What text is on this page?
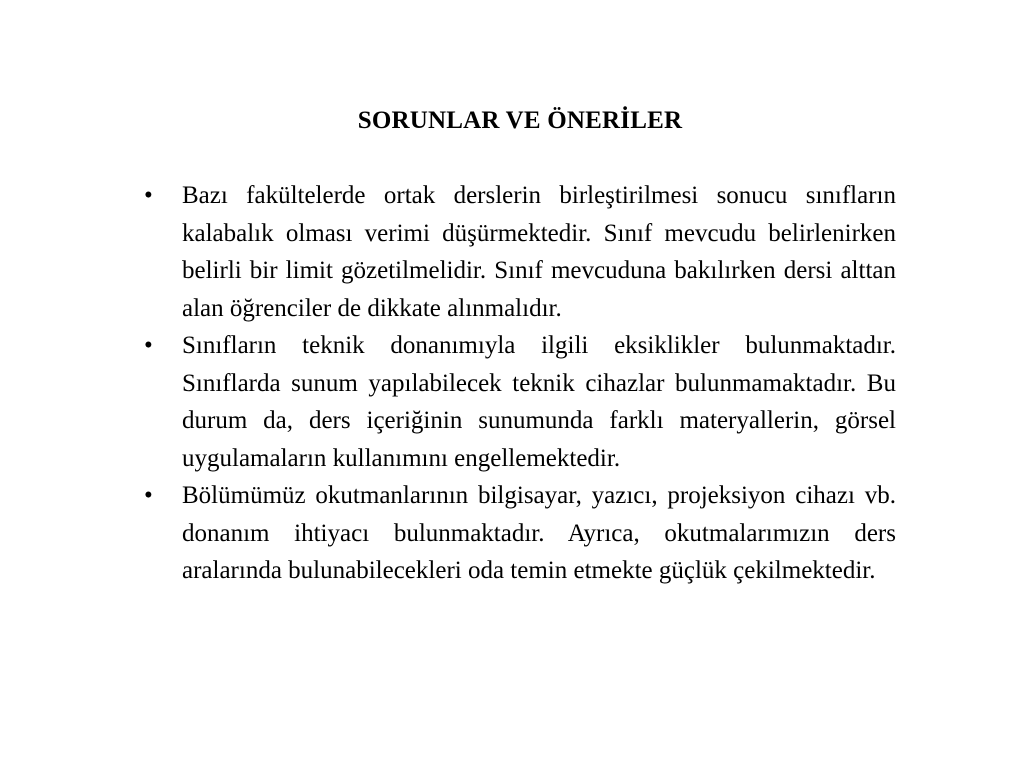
SORUNLAR VE ÖNERİLER
• Bazı fakültelerde ortak derslerin birleştirilmesi sonucu sınıfların kalabalık olması verimi düşürmektedir. Sınıf mevcudu belirlenirken belirli bir limit gözetilmelidir. Sınıf mevcuduna bakılırken dersi alttan alan öğrenciler de dikkate alınmalıdır.
• Sınıfların teknik donanımıyla ilgili eksiklikler bulunmaktadır. Sınıflarda sunum yapılabilecek teknik cihazlar bulunmamaktadır. Bu durum da, ders içeriğinin sunumunda farklı materyallerin, görsel uygulamaların kullanımını engellemektedir.
• Bölümümüz okutmanlarının bilgisayar, yazıcı, projeksiyon cihazı vb. donanım ihtiyacı bulunmaktadır. Ayrıca, okutmalarımızın ders aralarında bulunabilecekleri oda temin etmekte güçlük çekilmektedir.
